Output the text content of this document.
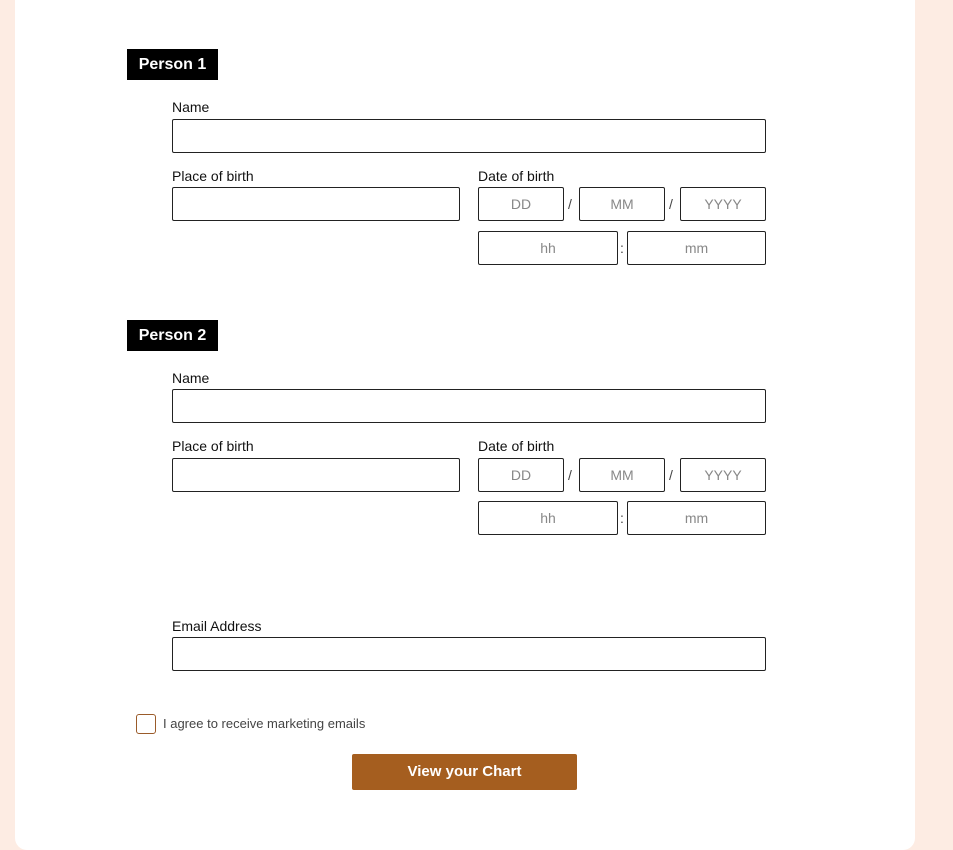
Person 1
Name
Place of birth	Date of birth
DD	/	MM	/	YYYY
hh	:	mm
Person 2
Name
Place of birth	Date of birth
DD	/	MM	/	YYYY
hh	:	mm
Email Address
I agree to receive marketing emails
View your Chart
